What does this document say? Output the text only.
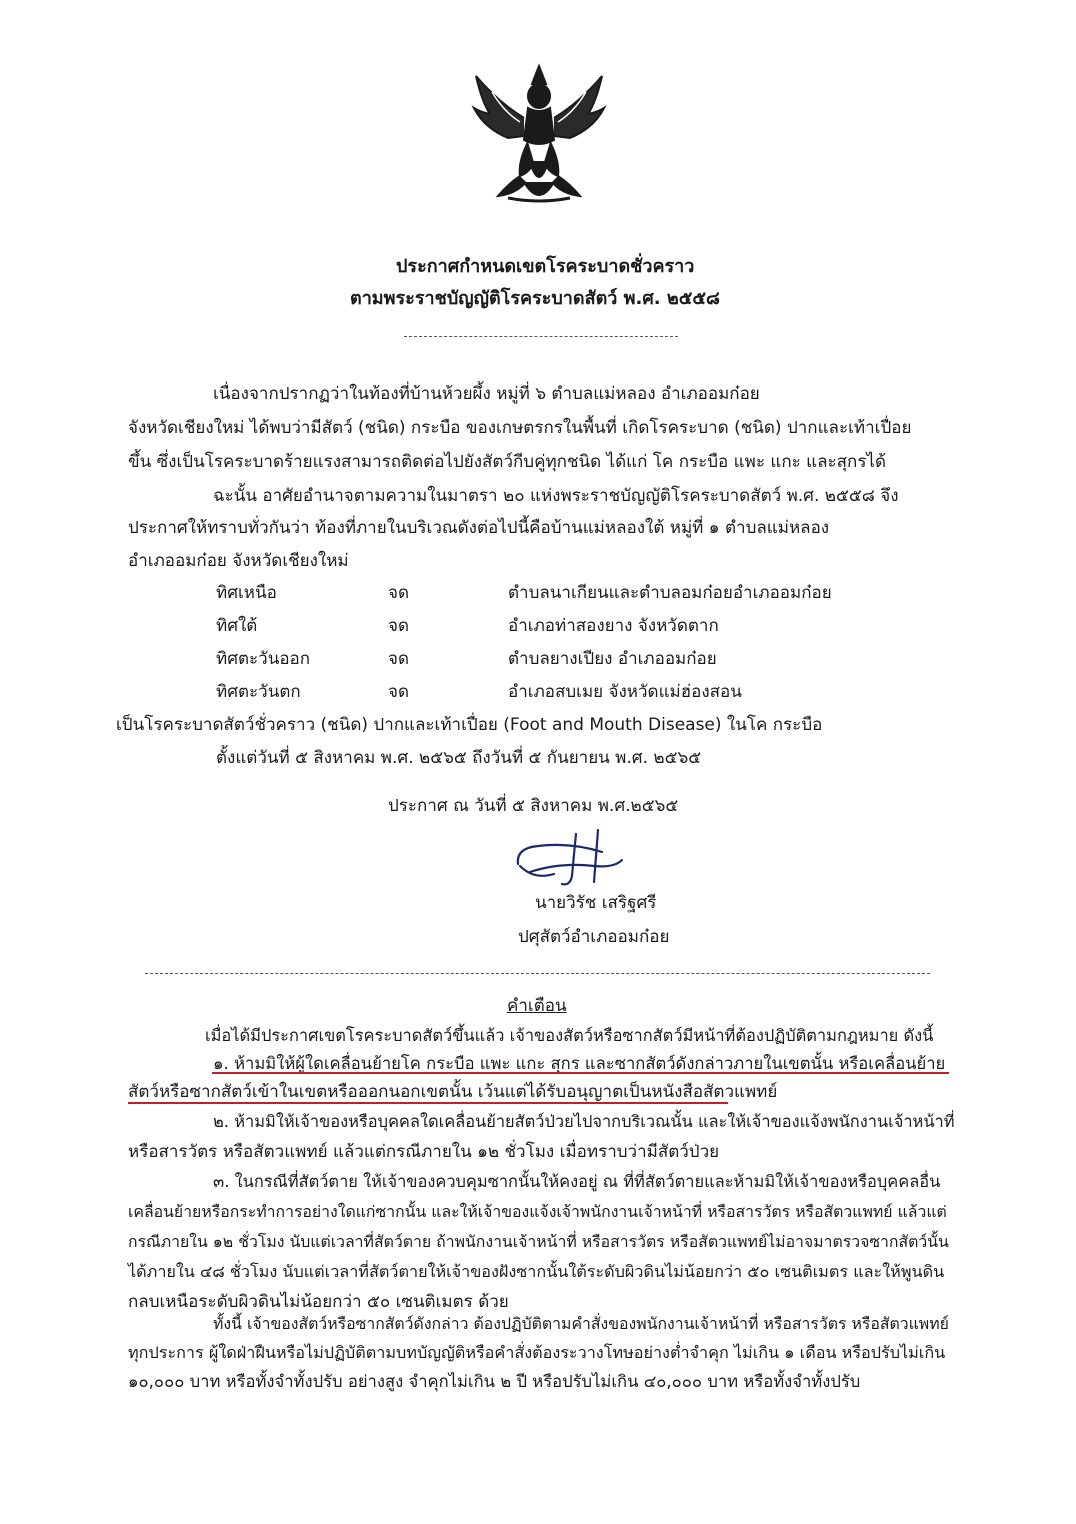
ประกาศกำหนดเขตโรคระบาดชั่วคราว
ตามพระราชบัญญัติโรคระบาดสัตว์ พ.ศ. ๒๕๕๘
เนื่องจากปรากฏว่าในท้องที่บ้านห้วยผึ้ง หมู่ที่ ๖ ตำบลแม่หลอง อำเภออมก๋อย
จังหวัดเชียงใหม่ ได้พบว่ามีสัตว์ (ชนิด) กระบือ ของเกษตรกรในพื้นที่ เกิดโรคระบาด (ชนิด) ปากและเท้าเปื่อย
ขึ้น ซึ่งเป็นโรคระบาดร้ายแรงสามารถติดต่อไปยังสัตว์กีบคู่ทุกชนิด ได้แก่ โค กระบือ แพะ แกะ และสุกรได้
ฉะนั้น อาศัยอำนาจตามความในมาตรา ๒๐ แห่งพระราชบัญญัติโรคระบาดสัตว์ พ.ศ. ๒๕๕๘ จึง
ประกาศให้ทราบทั่วกันว่า ท้องที่ภายในบริเวณดังต่อไปนี้คือบ้านแม่หลองใต้ หมู่ที่ ๑ ตำบลแม่หลอง
อำเภออมก๋อย จังหวัดเชียงใหม่
ทิศเหนือ	จด	ตำบลนาเกียนและตำบลอมก๋อยอำเภออมก๋อย
ทิศใต้	จด	อำเภอท่าสองยาง จังหวัดตาก
ทิศตะวันออก	จด	ตำบลยางเปียง อำเภออมก๋อย
ทิศตะวันตก	จด	อำเภอสบเมย จังหวัดแม่ฮ่องสอน
เป็นโรคระบาดสัตว์ชั่วคราว (ชนิด) ปากและเท้าเปื่อย (Foot and Mouth Disease) ในโค กระบือ
ตั้งแต่วันที่ ๕ สิงหาคม พ.ศ. ๒๕๖๕ ถึงวันที่ ๕ กันยายน พ.ศ. ๒๕๖๕
ประกาศ ณ วันที่ ๕ สิงหาคม พ.ศ.๒๕๖๕
นายวิรัช เสริฐศรี
ปศุสัตว์อำเภออมก๋อย
คำเตือน
เมื่อได้มีประกาศเขตโรคระบาดสัตว์ขึ้นแล้ว เจ้าของสัตว์หรือซากสัตว์มีหน้าที่ต้องปฏิบัติตามกฎหมาย ดังนี้
๑. ห้ามมิให้ผู้ใดเคลื่อนย้ายโค กระบือ แพะ แกะ สุกร และซากสัตว์ดังกล่าวภายในเขตนั้น หรือเคลื่อนย้าย
สัตว์หรือซากสัตว์เข้าในเขตหรือออกนอกเขตนั้น เว้นแต่ได้รับอนุญาตเป็นหนังสือสัตวแพทย์
๒. ห้ามมิให้เจ้าของหรือบุคคลใดเคลื่อนย้ายสัตว์ป่วยไปจากบริเวณนั้น และให้เจ้าของแจ้งพนักงานเจ้าหน้าที่
หรือสารวัตร หรือสัตวแพทย์ แล้วแต่กรณีภายใน ๑๒ ชั่วโมง เมื่อทราบว่ามีสัตว์ป่วย
๓. ในกรณีที่สัตว์ตาย ให้เจ้าของควบคุมซากนั้นให้คงอยู่ ณ ที่ที่สัตว์ตายและห้ามมิให้เจ้าของหรือบุคคลอื่น
เคลื่อนย้ายหรือกระทำการอย่างใดแก่ซากนั้น และให้เจ้าของแจ้งเจ้าพนักงานเจ้าหน้าที่ หรือสารวัตร หรือสัตวแพทย์ แล้วแต่
กรณีภายใน ๑๒ ชั่วโมง นับแต่เวลาที่สัตว์ตาย ถ้าพนักงานเจ้าหน้าที่ หรือสารวัตร หรือสัตวแพทย์ไม่อาจมาตรวจซากสัตว์นั้น
ได้ภายใน ๔๘ ชั่วโมง นับแต่เวลาที่สัตว์ตายให้เจ้าของฝังซากนั้นใต้ระดับผิวดินไม่น้อยกว่า ๕๐ เซนติเมตร และให้พูนดิน
กลบเหนือระดับผิวดินไม่น้อยกว่า ๕๐ เซนติเมตร ด้วย
ทั้งนี้ เจ้าของสัตว์หรือซากสัตว์ดังกล่าว ต้องปฏิบัติตามคำสั่งของพนักงานเจ้าหน้าที่ หรือสารวัตร หรือสัตวแพทย์
ทุกประการ ผู้ใดฝ่าฝืนหรือไม่ปฏิบัติตามบทบัญญัติหรือคำสั่งต้องระวางโทษอย่างต่ำจำคุก ไม่เกิน ๑ เดือน หรือปรับไม่เกิน
๑๐,๐๐๐ บาท หรือทั้งจำทั้งปรับ อย่างสูง จำคุกไม่เกิน ๒ ปี หรือปรับไม่เกิน ๔๐,๐๐๐ บาท หรือทั้งจำทั้งปรับ
